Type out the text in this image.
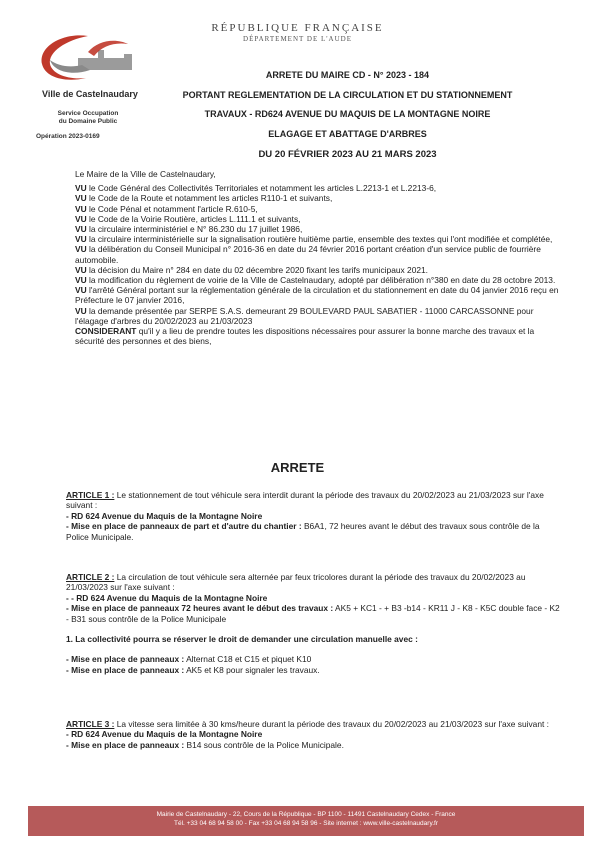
RÉPUBLIQUE FRANÇAISE
DÉPARTEMENT DE L'AUDE
Ville de Castelnaudary
Service Occupation
du Domaine Public
Opération 2023-0169
ARRETE DU MAIRE CD - N° 2023 - 184
PORTANT REGLEMENTATION DE LA CIRCULATION ET DU STATIONNEMENT
TRAVAUX - RD624 AVENUE DU MAQUIS DE LA MONTAGNE NOIRE
ELAGAGE ET ABATTAGE D'ARBRES
DU 20 FÉVRIER 2023 AU 21 MARS 2023

Le Maire de la Ville de Castelnaudary,

VU le Code Général des Collectivités Territoriales et notamment les articles L.2213-1 et L.2213-6,

VU le Code de la Route et notamment les articles R110-1 et suivants,

VU le Code Pénal et notamment l'article R.610-5,

VU le Code de la Voirie Routière, articles L.111.1 et suivants,

VU la circulaire interministériel e N° 86.230 du 17 juillet 1986,

VU la circulaire interministérielle sur la signalisation routière huitième partie, ensemble des textes qui l'ont modifiée et complétée,

VU la délibération du Conseil Municipal n° 2016-36 en date du 24 février 2016 portant création d'un service public de fourrière automobile.

VU la décision du Maire n° 284 en date du 02 décembre 2020 fixant les tarifs municipaux 2021.

VU la modification du règlement de voirie de la Ville de Castelnaudary, adopté par délibération n°380 en date du 28 octobre 2013.

VU l'arrêté Général portant sur la réglementation générale de la circulation et du stationnement en date du 04 janvier 2016 reçu en Préfecture le 07 janvier 2016,

VU la demande présentée par SERPE S.A.S. demeurant 29 BOULEVARD PAUL SABATIER - 11000 CARCASSONNE pour l'élagage d'arbres du 20/02/2023 au 21/03/2023

CONSIDERANT qu'il y a lieu de prendre toutes les dispositions nécessaires pour assurer la bonne marche des travaux et la sécurité des personnes et des biens,

ARRETE

ARTICLE 1 : Le stationnement de tout véhicule sera interdit durant la période des travaux du 20/02/2023 au 21/03/2023 sur l'axe suivant :

- RD 624 Avenue du Maquis de la Montagne Noire

- Mise en place de panneaux de part et d'autre du chantier : B6A1, 72 heures avant le début des travaux sous contrôle de la Police Municipale.

ARTICLE 2 : La circulation de tout véhicule sera alternée par feux tricolores durant la période des travaux du 20/02/2023 au 21/03/2023 sur l'axe suivant :

- - RD 624 Avenue du Maquis de la Montagne Noire

- Mise en place de panneaux 72 heures avant le début des travaux : AK5 + KC1 - + B3 -b14 - KR11 J - K8 - K5C double face - K2 - B31 sous contrôle de la Police Municipale

1. La collectivité pourra se réserver le droit de demander une circulation manuelle avec :

- Mise en place de panneaux : Alternat C18 et C15 et piquet K10

- Mise en place de panneaux : AK5 et K8 pour signaler les travaux.

ARTICLE 3 : La vitesse sera limitée à 30 kms/heure durant la période des travaux du 20/02/2023 au 21/03/2023 sur l'axe suivant :

- RD 624 Avenue du Maquis de la Montagne Noire

- Mise en place de panneaux : B14 sous contrôle de la Police Municipale.

Mairie de Castelnaudary - 22, Cours de la République - BP 1100 - 11491 Castelnaudary Cedex - France
Tél. +33 04 68 94 58 00 - Fax +33 04 68 94 58 96 - Site internet : www.ville-castelnaudary.fr
